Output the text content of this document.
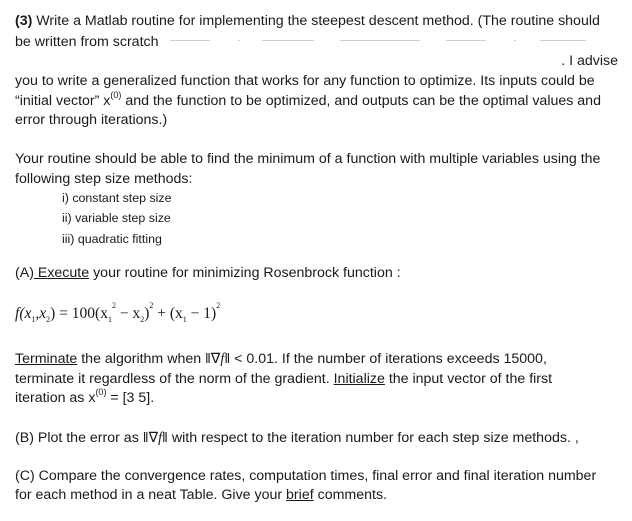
(3) Write a Matlab routine for implementing the steepest descent method. (The routine should
be written from scratch
. I advise
you to write a generalized function that works for any function to optimize. Its inputs could be
“initial vector” $x^{(0)}$ and the function to be optimized, and outputs can be the optimal values and
error through iterations.)
Your routine should be able to find the minimum of a function with multiple variables using the
following step size methods:
i) constant step size
ii) variable step size
iii) quadratic fitting
(A) Execute your routine for minimizing Rosenbrock function :
$f(x_1,x_2) = 100(x_1^2 - x_2)^2 + (x_1 - 1)^2$
Terminate the algorithm when ‖∇f‖ < 0.01. If the number of iterations exceeds 15000,
terminate it regardless of the norm of the gradient. Initialize the input vector of the first
iteration as $x^{(0)} = [3$ 5].
(B) Plot the error as ‖∇f‖ with respect to the iteration number for each step size methods. ,
(C) Compare the convergence rates, computation times, final error and final iteration number
for each method in a neat Table. Give your brief comments.
